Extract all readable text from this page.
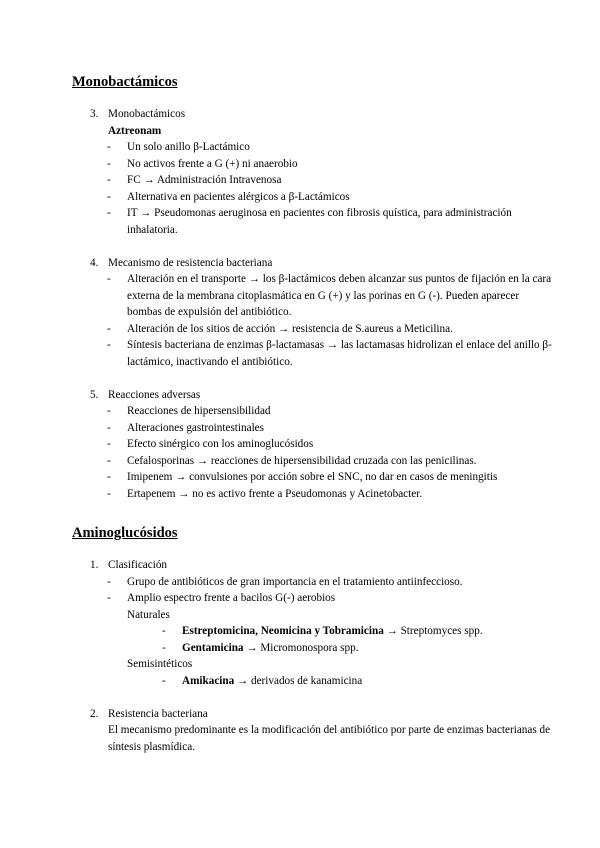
Monobactámicos
3. Monobactámicos
Aztreonam
- Un solo anillo β-Lactámico
- No activos frente a G (+) ni anaerobio
- FC → Administración Intravenosa
- Alternativa en pacientes alérgicos a β-Lactámicos
- IT → Pseudomonas aeruginosa en pacientes con fibrosis quística, para administración inhalatoria.
4. Mecanismo de resistencia bacteriana
- Alteración en el transporte → los β-lactámicos deben alcanzar sus puntos de fijación en la cara externa de la membrana citoplasmática en G (+) y las porinas en G (-). Pueden aparecer bombas de expulsión del antibiótico.
- Alteración de los sitios de acción → resistencia de S.aureus a Meticilina.
- Síntesis bacteriana de enzimas β-lactamasas → las lactamasas hidrolizan el enlace del anillo β-lactámico, inactivando el antibiótico.
5. Reacciones adversas
- Reacciones de hipersensibilidad
- Alteraciones gastrointestinales
- Efecto sinérgico con los aminoglucósidos
- Cefalosporinas → reacciones de hipersensibilidad cruzada con las penicilinas.
- Imipenem → convulsiones por acción sobre el SNC, no dar en casos de meningitis
- Ertapenem → no es activo frente a Pseudomonas y Acinetobacter.
Aminoglucósidos
1. Clasificación
- Grupo de antibióticos de gran importancia en el tratamiento antiinfeccioso.
- Amplio espectro frente a bacilos G(-) aerobios
Naturales
- Estreptomicina, Neomicina y Tobramicina → Streptomyces spp.
- Gentamicina → Micromonospora spp.
Semisintéticos
- Amikacina → derivados de kanamicina
2. Resistencia bacteriana
El mecanismo predominante es la modificación del antibiótico por parte de enzimas bacterianas de síntesis plasmídica.
